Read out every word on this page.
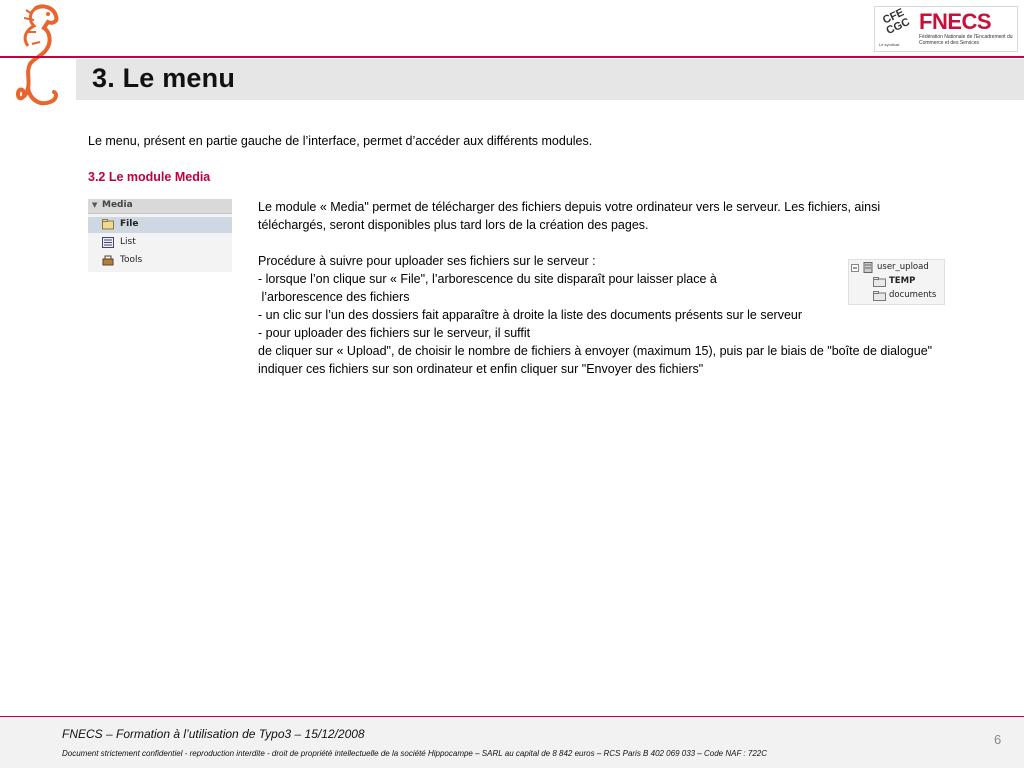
CFE CGC
Le syndicat
FNECS
Fédération Nationale de l'Encadrement du Commerce et des Services
3. Le menu
Le menu, présent en partie gauche de l’interface, permet d’accéder aux différents modules.
3.2 Le module Media
▼ Media
File
List
Tools

Le module « Media" permet de télécharger des fichiers depuis votre ordinateur vers le serveur. Les fichiers, ainsi téléchargés, seront disponibles plus tard lors de la création des pages.

Procédure à suivre pour uploader ses fichiers sur le serveur :

- lorsque l’on clique sur « File", l’arborescence du site disparaît pour laisser place à

l’arborescence des fichiers

- un clic sur l’un des dossiers fait apparaître à droite la liste des documents présents sur le serveur

- pour uploader des fichiers sur le serveur, il suffit

de cliquer sur « Upload", de choisir le nombre de fichiers à envoyer (maximum 15), puis par le biais de "boîte de dialogue" indiquer ces fichiers sur son ordinateur et enfin cliquer sur "Envoyer des fichiers"

user_upload
TEMP
documents
FNECS – Formation à l’utilisation de Typo3 – 15/12/2008
Document strictement confidentiel - reproduction interdite - droit de propriété intellectuelle de la société Hippocampe – SARL au capital de 8 842 euros – RCS Paris B 402 069 033 – Code NAF : 722C
6
